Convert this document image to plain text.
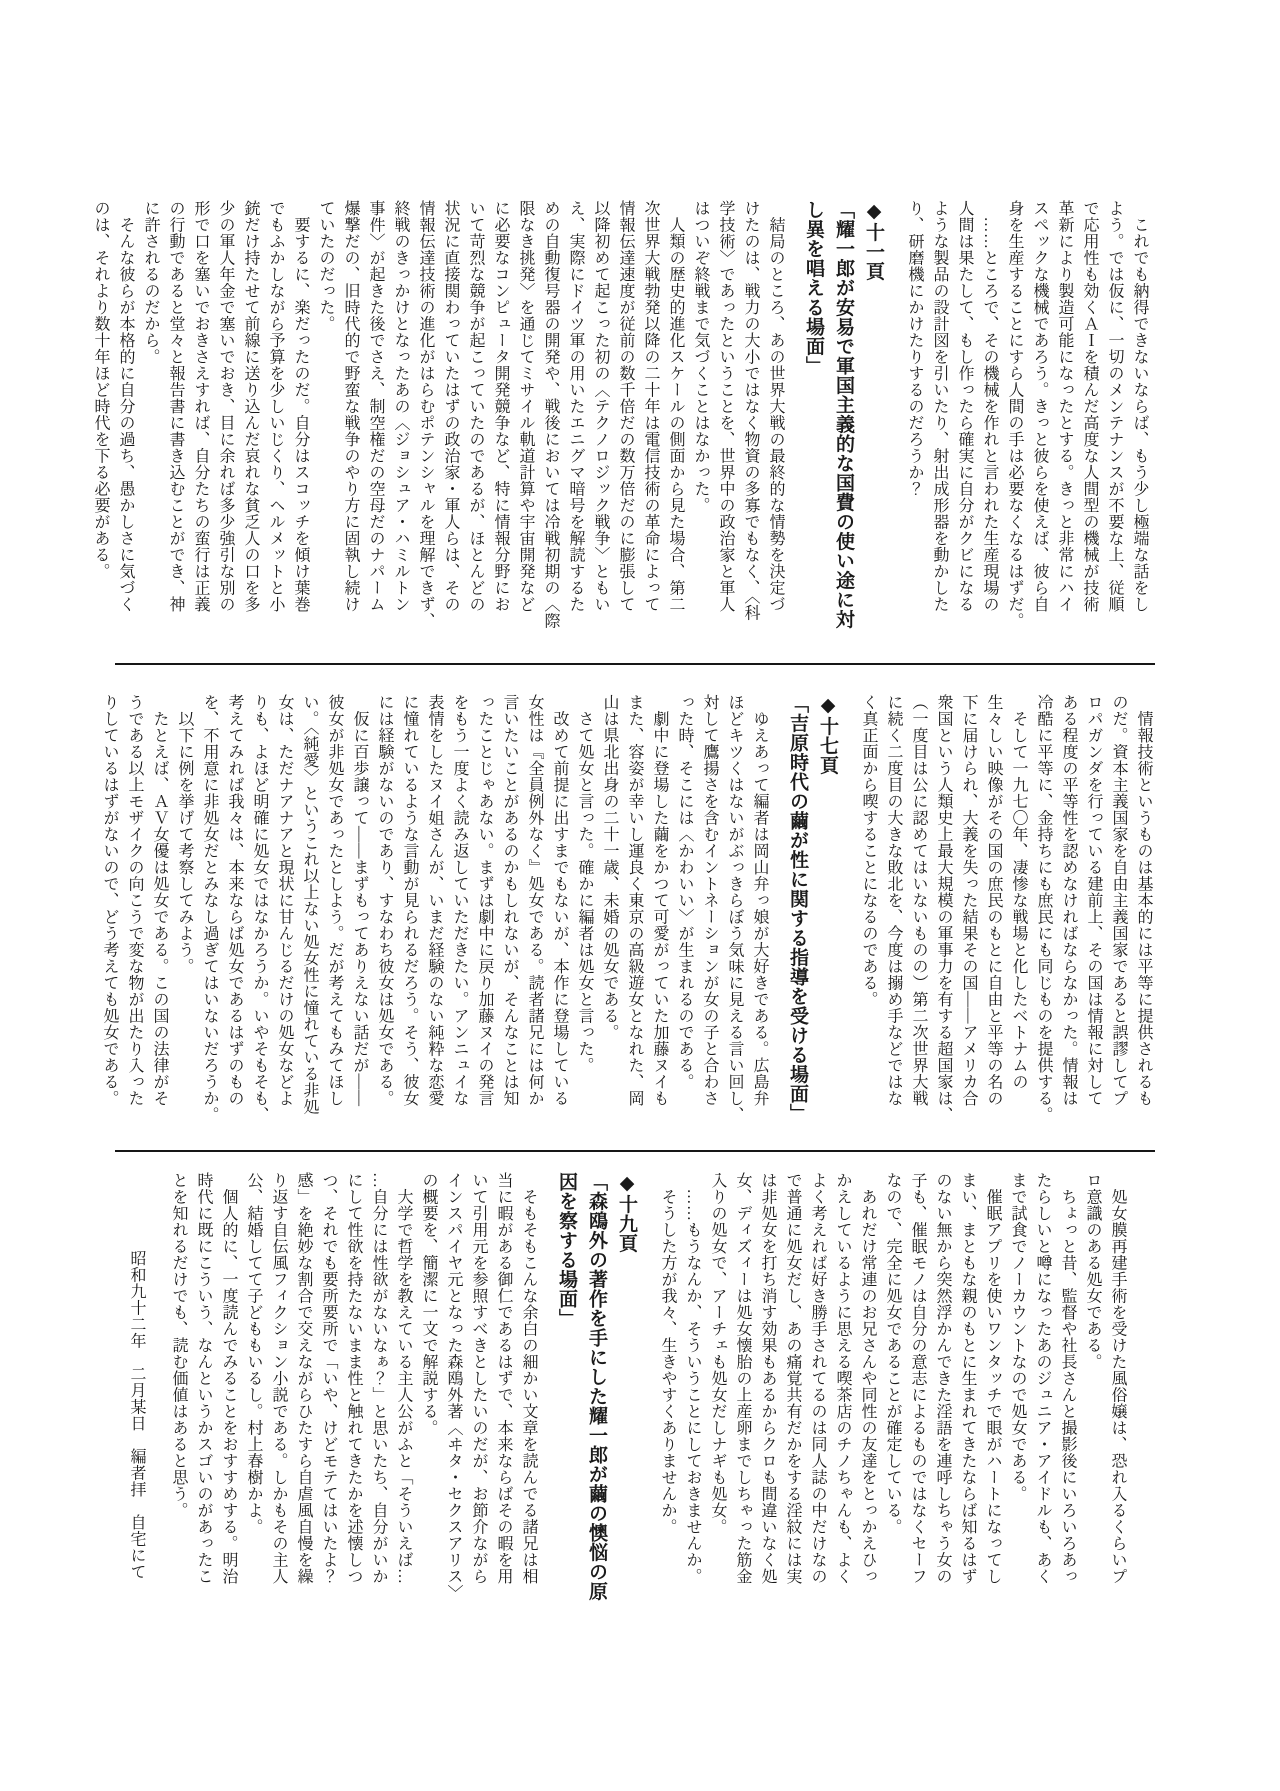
　これでも納得できないならば、もう少し極端な話をし
よう。では仮に、一切のメンテナンスが不要な上、従順
で応用性も効くＡＩを積んだ高度な人間型の機械が技術
革新により製造可能になったとする。きっと非常にハイ
スペックな機械であろう。きっと彼らを使えば、彼ら自
身を生産することにすら人間の手は必要なくなるはずだ。
　……ところで、その機械を作れと言われた生産現場の
人間は果たして、もし作ったら確実に自分がクビになる
ような製品の設計図を引いたり、射出成形器を動かした
り、研磨機にかけたりするのだろうか？
◆十一頁
「耀一郎が安易で軍国主義的な国費の使い途に対
し異を唱える場面」
　結局のところ、あの世界大戦の最終的な情勢を決定づ
けたのは、戦力の大小ではなく物資の多寡でもなく、〈科
学技術〉であったということを、世界中の政治家と軍人
はついぞ終戦まで気づくことはなかった。
　人類の歴史的進化スケールの側面から見た場合、第二
次世界大戦勃発以降の二十年は電信技術の革命によって
情報伝達速度が従前の数千倍だの数万倍だのに膨張して
以降初めて起こった初の〈テクノロジック戦争〉ともい
え、実際にドイツ軍の用いたエニグマ暗号を解読するた
めの自動復号器の開発や、戦後においては冷戦初期の〈際
限なき挑発〉を通じてミサイル軌道計算や宇宙開発など
に必要なコンピュータ開発競争など、特に情報分野にお
いて苛烈な競争が起こっていたのであるが、ほとんどの
状況に直接関わっていたはずの政治家・軍人らは、その
情報伝達技術の進化がはらむポテンシャルを理解できず、
終戦のきっかけとなったあの〈ジョシュア・ハミルトン
事件〉が起きた後でさえ、制空権だの空母だのナパーム
爆撃だの、旧時代的で野蛮な戦争のやり方に固執し続け
ていたのだった。
　要するに、楽だったのだ。自分はスコッチを傾け葉巻
でもふかしながら予算を少しいじくり、ヘルメットと小
銃だけ持たせて前線に送り込んだ哀れな貧乏人の口を多
少の軍人年金で塞いでおき、目に余れば多少強引な別の
形で口を塞いでおきさえすれば、自分たちの蛮行は正義
の行動であると堂々と報告書に書き込むことができ、神
に許されるのだから。
　そんな彼らが本格的に自分の過ち、愚かしさに気づく
のは、それより数十年ほど時代を下る必要がある。
　情報技術というものは基本的には平等に提供されるも
のだ。資本主義国家を自由主義国家であると誤謬してプ
ロパガンダを行っている建前上、その国は情報に対して
ある程度の平等性を認めなければならなかった。情報は
冷酷に平等に、金持ちにも庶民にも同じものを提供する。
　そして一九七〇年、凄惨な戦場と化したベトナムの
生々しい映像がその国の庶民のもとに自由と平等の名の
下に届けられ、大義を失った結果その国――アメリカ合
衆国という人類史上最大規模の軍事力を有する超国家は、
（一度目は公に認めてはいないものの）第二次世界大戦
に続く二度目の大きな敗北を、今度は搦め手などではな
く真正面から喫することになるのである。
◆十七頁
「吉原時代の繭が性に関する指導を受ける場面」
　ゆえあって編者は岡山弁っ娘が大好きである。広島弁
ほどキツくはないがぶっきらぼう気味に見える言い回し、
対して鷹揚さを含むイントネーションが女の子と合わさ
った時、そこには〈かわいい〉が生まれるのである。
　劇中に登場した繭をかつて可愛がっていた加藤ヌイも
また、容姿が幸いし運良く東京の高級遊女となれた、岡
山は県北出身の二十一歳、未婚の処女である。
　さて処女と言った。確かに編者は処女と言った。
　改めて前提に出すまでもないが、本作に登場している
女性は『全員例外なく』処女である。読者諸兄には何か
言いたいことがあるのかもしれないが、そんなことは知
ったことじゃあない。まずは劇中に戻り加藤ヌイの発言
をもう一度よく読み返していただきたい。アンニュイな
表情をしたヌイ姐さんが、いまだ経験のない純粋な恋愛
に憧れているような言動が見られるだろう。そう、彼女
には経験がないのであり、すなわち彼女は処女である。
　仮に百歩譲って――まずもってありえない話だが――
彼女が非処女であったとしよう。だが考えてもみてほし
い。〈純愛〉というこれ以上ない処女性に憧れている非処
女は、ただナアナアと現状に甘んじるだけの処女などよ
りも、よほど明確に処女ではなかろうか。いやそもそも、
考えてみれば我々は、本来ならば処女であるはずのもの
を、不用意に非処女だとみなし過ぎてはいないだろうか。
　以下に例を挙げて考察してみよう。
　たとえば、ＡＶ女優は処女である。この国の法律がそ
うである以上モザイクの向こうで変な物が出たり入った
りしているはずがないので、どう考えても処女である。
　処女膜再建手術を受けた風俗嬢は、恐れ入るくらいプ
ロ意識のある処女である。
　ちょっと昔、監督や社長さんと撮影後にいろいろあっ
たらしいと噂になったあのジュニア・アイドルも、あく
まで試食でノーカウントなので処女である。
　催眠アプリを使いワンタッチで眼がハートになってし
まい、まともな親のもとに生まれてきたならば知るはず
のない無から突然浮かんできた淫語を連呼しちゃう女の
子も、催眠モノは自分の意志によるものではなくセーフ
なので、完全に処女であることが確定している。
　あれだけ常連のお兄さんや同性の友達をとっかえひっ
かえしているように思える喫茶店のチノちゃんも、よく
よく考えれば好き勝手されてるのは同人誌の中だけなの
で普通に処女だし、あの痛覚共有だかをする淫紋には実
は非処女を打ち消す効果もあるからクロも間違いなく処
女、ディズィーは処女懐胎の上産卵までしちゃった筋金
入りの処女で、アーチェも処女だしナギも処女。
　……もうなんか、そういうことにしておきませんか。
　そうした方が我々、生きやすくありませんか。
◆十九頁
「森鴎外の著作を手にした耀一郎が繭の懊悩の原
因を察する場面」
　そもそもこんな余白の細かい文章を読んでる諸兄は相
当に暇がある御仁であるはずで、本来ならばその暇を用
いて引用元を参照すべきとしたいのだが、お節介ながら
インスパイヤ元となった森鴎外著〈ヰタ・セクスアリス〉
の概要を、簡潔に一文で解説する。
　大学で哲学を教えている主人公がふと「そういえば…
…自分には性欲がないなぁ？」と思いたち、自分がいか
にして性欲を持たないまま性と触れてきたかを述懐しつ
つ、それでも要所要所で「いや、けどモテてはいたよ？
感」を絶妙な割合で交えながらひたすら自虐風自慢を繰
り返す自伝風フィクション小説である。しかもその主人
公、結婚してて子どももいるし。村上春樹かよ。
　個人的に、一度読んでみることをおすすめする。明治
時代に既にこういう、なんというかスゴいのがあったこ
とを知れるだけでも、読む価値はあると思う。
昭和九十二年　二月某日　編者拝　自宅にて
